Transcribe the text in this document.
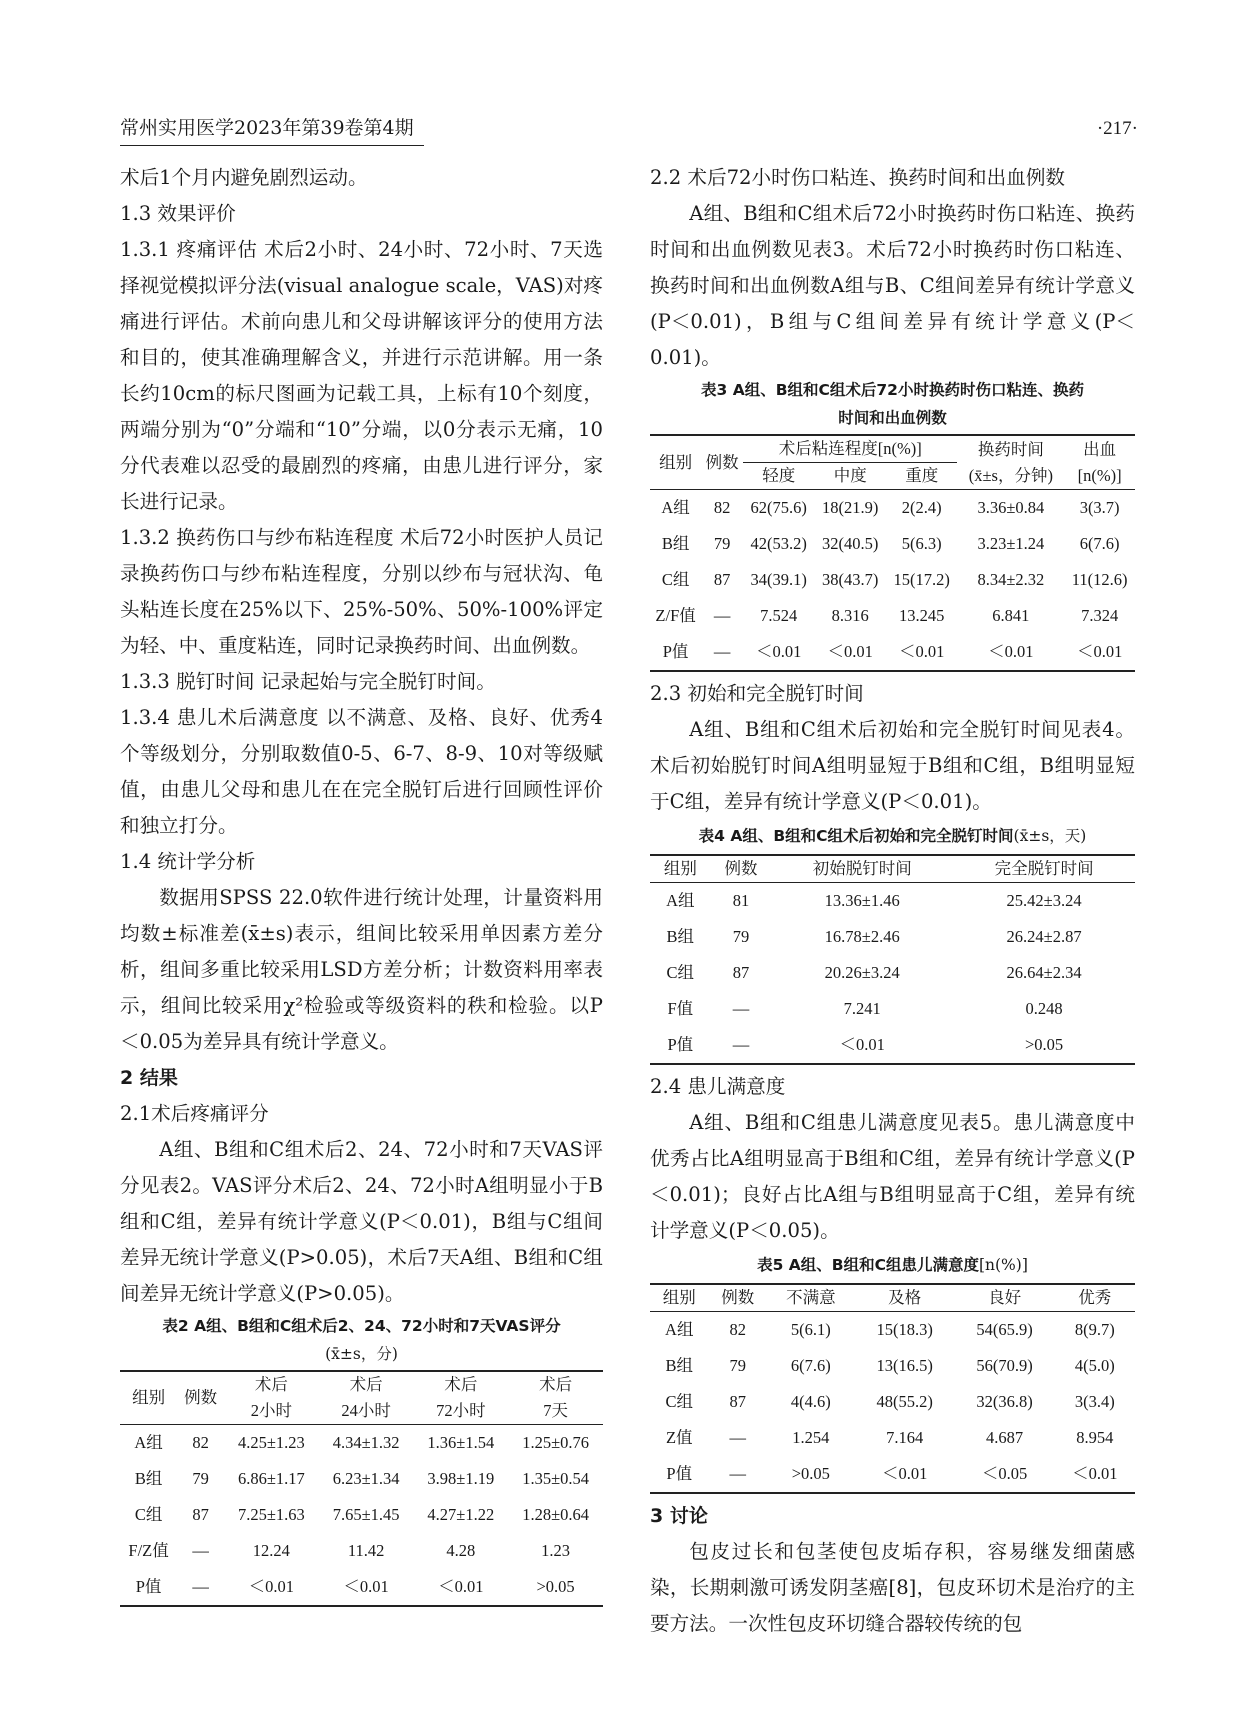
常州实用医学2023年第39卷第4期	·217·

术后1个月内避免剧烈运动。

1.3 效果评价

1.3.1 疼痛评估 术后2小时、24小时、72小时、7天选择视觉模拟评分法(visual analogue scale，VAS)对疼痛进行评估。术前向患儿和父母讲解该评分的使用方法和目的，使其准确理解含义，并进行示范讲解。用一条长约10cm的标尺图画为记载工具，上标有10个刻度，两端分别为“0”分端和“10”分端，以0分表示无痛，10分代表难以忍受的最剧烈的疼痛，由患儿进行评分，家长进行记录。

1.3.2 换药伤口与纱布粘连程度 术后72小时医护人员记录换药伤口与纱布粘连程度，分别以纱布与冠状沟、龟头粘连长度在25%以下、25%-50%、50%-100%评定为轻、中、重度粘连，同时记录换药时间、出血例数。

1.3.3 脱钉时间 记录起始与完全脱钉时间。

1.3.4 患儿术后满意度 以不满意、及格、良好、优秀4个等级划分，分别取数值0-5、6-7、8-9、10对等级赋值，由患儿父母和患儿在在完全脱钉后进行回顾性评价和独立打分。

1.4 统计学分析

数据用SPSS 22.0软件进行统计处理，计量资料用均数±标准差(x̄±s)表示，组间比较采用单因素方差分析，组间多重比较采用LSD方差分析；计数资料用率表示，组间比较采用χ²检验或等级资料的秩和检验。以P＜0.05为差异具有统计学意义。

2 结果

2.1术后疼痛评分

A组、B组和C组术后2、24、72小时和7天VAS评分见表2。VAS评分术后2、24、72小时A组明显小于B组和C组，差异有统计学意义(P＜0.01)，B组与C组间差异无统计学意义(P>0.05)，术后7天A组、B组和C组间差异无统计学意义(P>0.05)。

表2 A组、B组和C组术后2、24、72小时和7天VAS评分

(x̄±s，分)

组别	例数	术后
2小时	术后
24小时	术后
72小时	术后
7天
A组	82	4.25±1.23	4.34±1.32	1.36±1.54	1.25±0.76
B组	79	6.86±1.17	6.23±1.34	3.98±1.19	1.35±0.54
C组	87	7.25±1.63	7.65±1.45	4.27±1.22	1.28±0.64
F/Z值	—	12.24	11.42	4.28	1.23
P值	—	＜0.01	＜0.01	＜0.01	>0.05

2.2 术后72小时伤口粘连、换药时间和出血例数

A组、B组和C组术后72小时换药时伤口粘连、换药时间和出血例数见表3。术后72小时换药时伤口粘连、换药时间和出血例数A组与B、C组间差异有统计学意义(P＜0.01)，B组与C组间差异有统计学意义(P＜0.01)。

表3 A组、B组和C组术后72小时换药时伤口粘连、换药

时间和出血例数

组别	例数	术后粘连程度[n(%)]			换药时间
(x̄±s，分钟)	出血
[n(%)]
		轻度	中度	重度		
A组	82	62(75.6)	18(21.9)	2(2.4)	3.36±0.84	3(3.7)
B组	79	42(53.2)	32(40.5)	5(6.3)	3.23±1.24	6(7.6)
C组	87	34(39.1)	38(43.7)	15(17.2)	8.34±2.32	11(12.6)
Z/F值	—	7.524	8.316	13.245	6.841	7.324
P值	—	＜0.01	＜0.01	＜0.01	＜0.01	＜0.01

2.3 初始和完全脱钉时间

A组、B组和C组术后初始和完全脱钉时间见表4。术后初始脱钉时间A组明显短于B组和C组，B组明显短于C组，差异有统计学意义(P＜0.01)。

表4 A组、B组和C组术后初始和完全脱钉时间(x̄±s，天)

组别	例数	初始脱钉时间	完全脱钉时间
A组	81	13.36±1.46	25.42±3.24
B组	79	16.78±2.46	26.24±2.87
C组	87	20.26±3.24	26.64±2.34
F值	—	7.241	0.248
P值	—	＜0.01	>0.05

2.4 患儿满意度

A组、B组和C组患儿满意度见表5。患儿满意度中优秀占比A组明显高于B组和C组，差异有统计学意义(P＜0.01)；良好占比A组与B组明显高于C组，差异有统计学意义(P＜0.05)。

表5 A组、B组和C组患儿满意度[n(%)]

组别	例数	不满意	及格	良好	优秀
A组	82	5(6.1)	15(18.3)	54(65.9)	8(9.7)
B组	79	6(7.6)	13(16.5)	56(70.9)	4(5.0)
C组	87	4(4.6)	48(55.2)	32(36.8)	3(3.4)
Z值	—	1.254	7.164	4.687	8.954
P值	—	>0.05	＜0.01	＜0.05	＜0.01

3 讨论

包皮过长和包茎使包皮垢存积，容易继发细菌感染，长期刺激可诱发阴茎癌[8]，包皮环切术是治疗的主要方法。一次性包皮环切缝合器较传统的包
